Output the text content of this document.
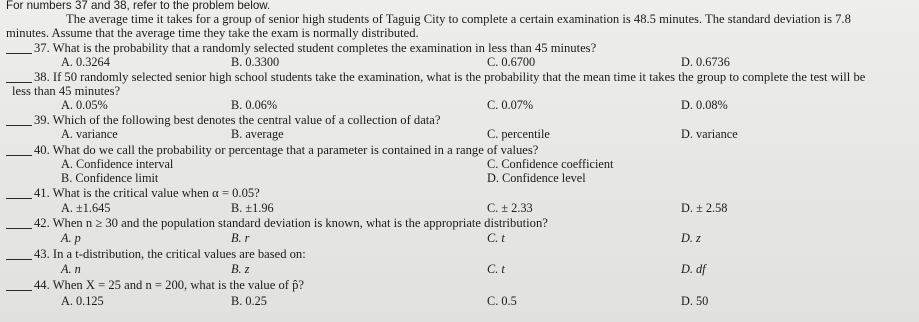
For numbers 37 and 38, refer to the problem below.
The average time it takes for a group of senior high students of Taguig City to complete a certain examination is 48.5 minutes. The standard deviation is 7.8
minutes. Assume that the average time they take the exam is normally distributed.
37. What is the probability that a randomly selected student completes the examination in less than 45 minutes?
A. 0.3264	B. 0.3300	C. 0.6700	D. 0.6736
38. If 50 randomly selected senior high school students take the examination, what is the probability that the mean time it takes the group to complete the test will be
less than 45 minutes?
A. 0.05%	B. 0.06%	C. 0.07%	D. 0.08%
39. Which of the following best denotes the central value of a collection of data?
A. variance	B. average	C. percentile	D. variance
40. What do we call the probability or percentage that a parameter is contained in a range of values?
A. Confidence interval	C. Confidence coefficient
B. Confidence limit	D. Confidence level
41. What is the critical value when α = 0.05?
A. ±1.645	B. ±1.96	C. ± 2.33	D. ± 2.58
42. When n ≥ 30 and the population standard deviation is known, what is the appropriate distribution?
A. p	B. r	C. t	D. z
43. In a t-distribution, the critical values are based on:
A. n	B. z	C. t	D. df
44. When X = 25 and n = 200, what is the value of p̂?
A. 0.125	B. 0.25	C. 0.5	D. 50
